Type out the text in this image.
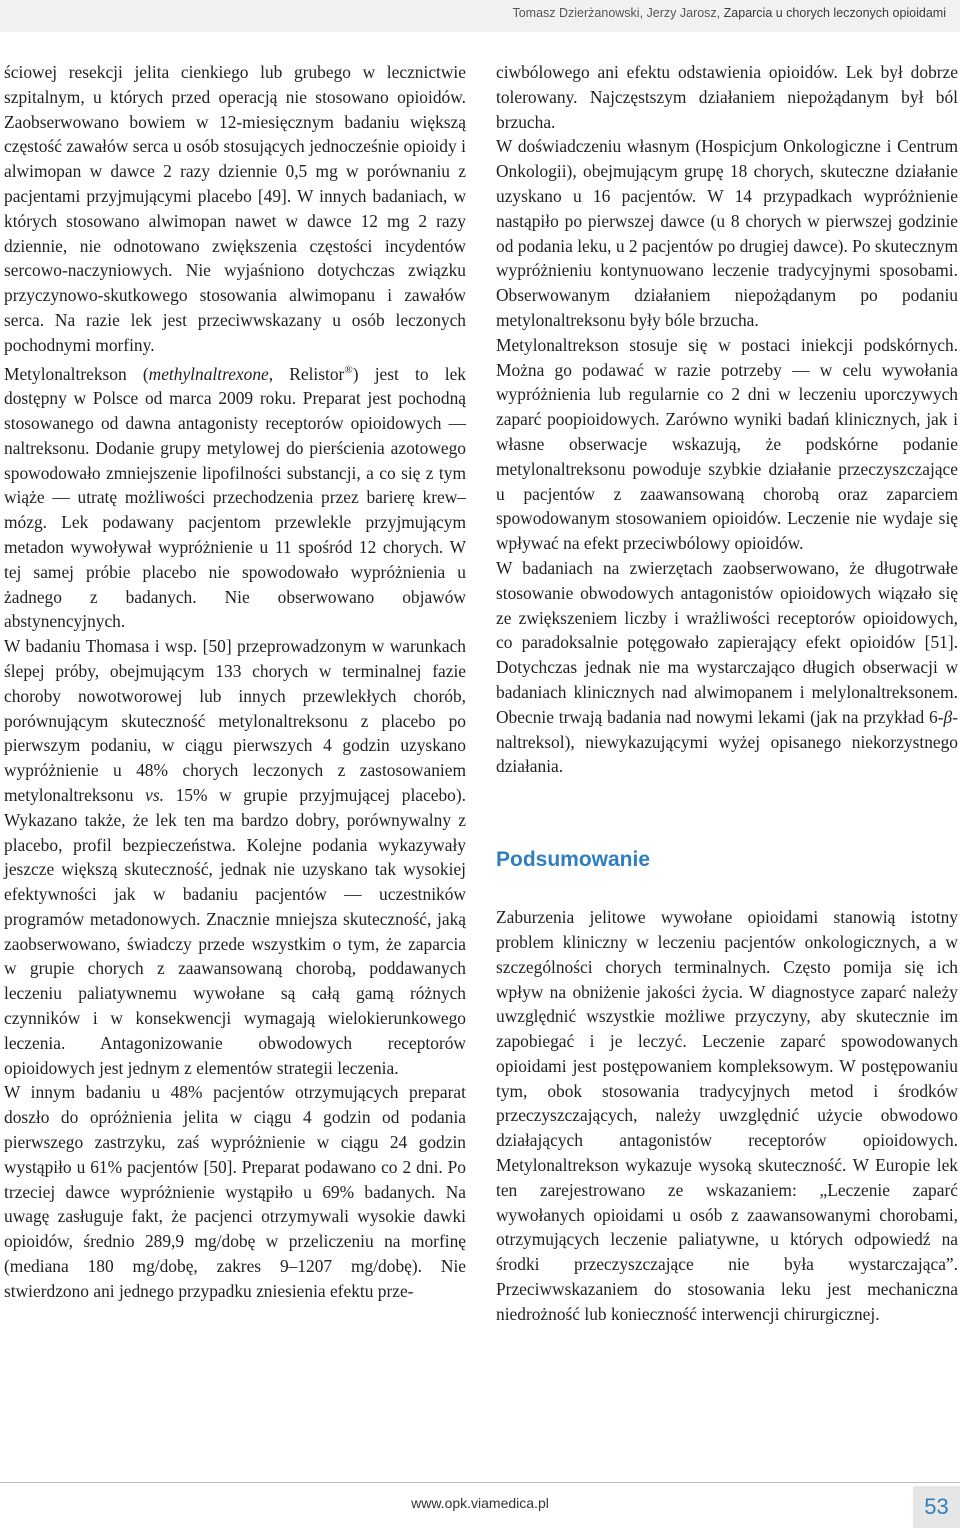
Tomasz Dzierżanowski, Jerzy Jarosz, Zaparcia u chorych leczonych opioidami

ściowej resekcji jelita cienkiego lub grubego w lecznictwie szpitalnym, u których przed operacją nie stosowano opioidów. Zaobserwowano bowiem w 12-miesięcznym badaniu większą częstość zawałów serca u osób stosujących jednocześnie opioidy i alwimopan w dawce 2 razy dziennie 0,5 mg w porównaniu z pacjentami przyjmującymi placebo [49]. W innych badaniach, w których stosowano alwimopan nawet w dawce 12 mg 2 razy dziennie, nie odnotowano zwiększenia częstości incydentów sercowo-naczyniowych. Nie wyjaśniono dotychczas związku przyczynowo-skutkowego stosowania alwimopanu i zawałów serca. Na razie lek jest przeciwwskazany u osób leczonych pochodnymi morfiny.

Metylonaltrekson (methylnaltrexone, Relistor®) jest to lek dostępny w Polsce od marca 2009 roku. Preparat jest pochodną stosowanego od dawna antagonisty receptorów opioidowych — naltreksonu. Dodanie grupy metylowej do pierścienia azotowego spowodowało zmniejszenie lipofilności substancji, a co się z tym wiąże — utratę możliwości przechodzenia przez barierę krew–mózg. Lek podawany pacjentom przewlekle przyjmującym metadon wywoływał wypróżnienie u 11 spośród 12 chorych. W tej samej próbie placebo nie spowodowało wypróżnienia u żadnego z badanych. Nie obserwowano objawów abstynencyjnych.

W badaniu Thomasa i wsp. [50] przeprowadzonym w warunkach ślepej próby, obejmującym 133 chorych w terminalnej fazie choroby nowotworowej lub innych przewlekłych chorób, porównującym skuteczność metylonaltreksonu z placebo po pierwszym podaniu, w ciągu pierwszych 4 godzin uzyskano wypróżnienie u 48% chorych leczonych z zastosowaniem metylonaltreksonu vs. 15% w grupie przyjmującej placebo). Wykazano także, że lek ten ma bardzo dobry, porównywalny z placebo, profil bezpieczeństwa. Kolejne podania wykazywały jeszcze większą skuteczność, jednak nie uzyskano tak wysokiej efektywności jak w badaniu pacjentów — uczestników programów metadonowych. Znacznie mniejsza skuteczność, jaką zaobserwowano, świadczy przede wszystkim o tym, że zaparcia w grupie chorych z zaawansowaną chorobą, poddawanych leczeniu paliatywnemu wywołane są całą gamą różnych czynników i w konsekwencji wymagają wielokierunkowego leczenia. Antagonizowanie obwodowych receptorów opioidowych jest jednym z elementów strategii leczenia.

W innym badaniu u 48% pacjentów otrzymujących preparat doszło do opróżnienia jelita w ciągu 4 godzin od podania pierwszego zastrzyku, zaś wypróżnienie w ciągu 24 godzin wystąpiło u 61% pacjentów [50]. Preparat podawano co 2 dni. Po trzeciej dawce wypróżnienie wystąpiło u 69% badanych. Na uwagę zasługuje fakt, że pacjenci otrzymywali wysokie dawki opioidów, średnio 289,9 mg/dobę w przeliczeniu na morfinę (mediana 180 mg/dobę, zakres 9–1207 mg/dobę). Nie stwierdzono ani jednego przypadku zniesienia efektu prze-

ciwbólowego ani efektu odstawienia opioidów. Lek był dobrze tolerowany. Najczęstszym działaniem niepożądanym był ból brzucha.

W doświadczeniu własnym (Hospicjum Onkologiczne i Centrum Onkologii), obejmującym grupę 18 chorych, skuteczne działanie uzyskano u 16 pacjentów. W 14 przypadkach wypróżnienie nastąpiło po pierwszej dawce (u 8 chorych w pierwszej godzinie od podania leku, u 2 pacjentów po drugiej dawce). Po skutecznym wypróżnieniu kontynuowano leczenie tradycyjnymi sposobami. Obserwowanym działaniem niepożądanym po podaniu metylonaltreksonu były bóle brzucha.

Metylonaltrekson stosuje się w postaci iniekcji podskórnych. Można go podawać w razie potrzeby — w celu wywołania wypróżnienia lub regularnie co 2 dni w leczeniu uporczywych zaparć poopioidowych. Zarówno wyniki badań klinicznych, jak i własne obserwacje wskazują, że podskórne podanie metylonaltreksonu powoduje szybkie działanie przeczyszczające u pacjentów z zaawansowaną chorobą oraz zaparciem spowodowanym stosowaniem opioidów. Leczenie nie wydaje się wpływać na efekt przeciwbólowy opioidów.

W badaniach na zwierzętach zaobserwowano, że długotrwałe stosowanie obwodowych antagonistów opioidowych wiązało się ze zwiększeniem liczby i wrażliwości receptorów opioidowych, co paradoksalnie potęgowało zapierający efekt opioidów [51]. Dotychczas jednak nie ma wystarczająco długich obserwacji w badaniach klinicznych nad alwimopanem i melylonaltreksonem. Obecnie trwają badania nad nowymi lekami (jak na przykład 6-β-naltreksol), niewykazującymi wyżej opisanego niekorzystnego działania.

Podsumowanie

Zaburzenia jelitowe wywołane opioidami stanowią istotny problem kliniczny w leczeniu pacjentów onkologicznych, a w szczególności chorych terminalnych. Często pomija się ich wpływ na obniżenie jakości życia. W diagnostyce zaparć należy uwzględnić wszystkie możliwe przyczyny, aby skutecznie im zapobiegać i je leczyć. Leczenie zaparć spowodowanych opioidami jest postępowaniem kompleksowym. W postępowaniu tym, obok stosowania tradycyjnych metod i środków przeczyszczających, należy uwzględnić użycie obwodowo działających antagonistów receptorów opioidowych. Metylonaltrekson wykazuje wysoką skuteczność. W Europie lek ten zarejestrowano ze wskazaniem: „Leczenie zaparć wywołanych opioidami u osób z zaawansowanymi chorobami, otrzymujących leczenie paliatywne, u których odpowiedź na środki przeczyszczające nie była wystarczająca”. Przeciwwskazaniem do stosowania leku jest mechaniczna niedrożność lub konieczność interwencji chirurgicznej.

www.opk.viamedica.pl	53
